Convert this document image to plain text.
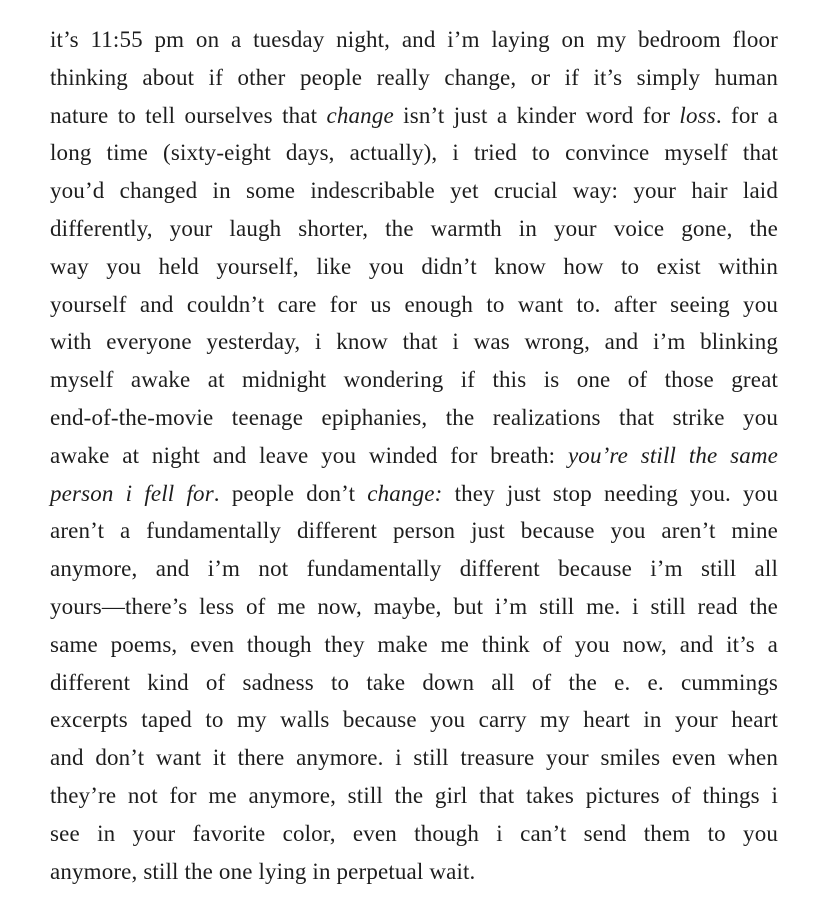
it’s 11:55 pm on a tuesday night, and i’m laying on my bedroom floor
thinking about if other people really change, or if it’s simply human
nature to tell ourselves that change isn’t just a kinder word for loss. for a
long time (sixty-eight days, actually), i tried to convince myself that
you’d changed in some indescribable yet crucial way: your hair laid
differently, your laugh shorter, the warmth in your voice gone, the
way you held yourself, like you didn’t know how to exist within
yourself and couldn’t care for us enough to want to. after seeing you
with everyone yesterday, i know that i was wrong, and i’m blinking
myself awake at midnight wondering if this is one of those great
end-of-the-movie teenage epiphanies, the realizations that strike you
awake at night and leave you winded for breath: you’re still the same
person i fell for. people don’t change: they just stop needing you. you
aren’t a fundamentally different person just because you aren’t mine
anymore, and i’m not fundamentally different because i’m still all
yours—there’s less of me now, maybe, but i’m still me. i still read the
same poems, even though they make me think of you now, and it’s a
different kind of sadness to take down all of the e. e. cummings
excerpts taped to my walls because you carry my heart in your heart
and don’t want it there anymore. i still treasure your smiles even when
they’re not for me anymore, still the girl that takes pictures of things i
see in your favorite color, even though i can’t send them to you
anymore, still the one lying in perpetual wait.
